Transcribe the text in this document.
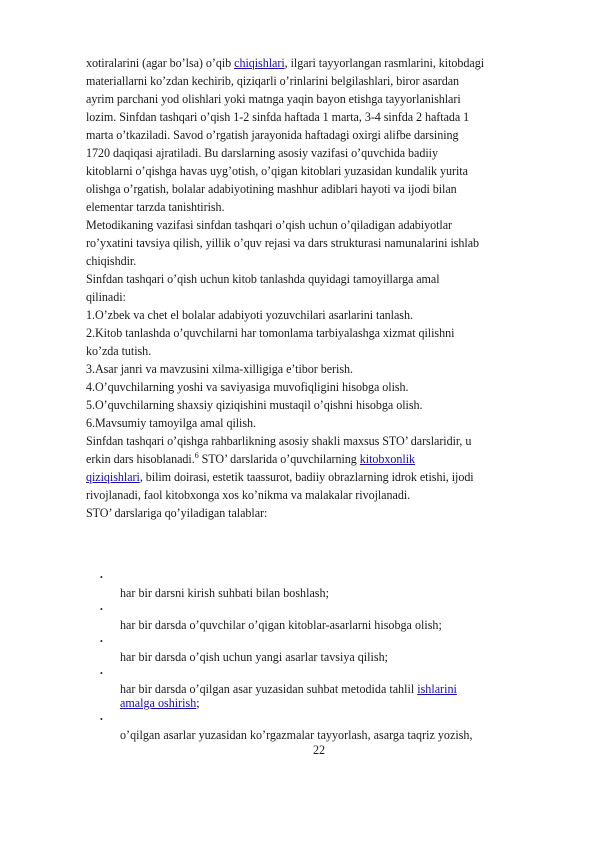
xotiralarini (agar bo’lsa) o’qib chiqishlari, ilgari tayyorlangan rasmlarini, kitobdagi
materiallarni ko’zdan kechirib, qiziqarli o’rinlarini belgilashlari, biror asardan
ayrim parchani yod olishlari yoki matnga yaqin bayon etishga tayyorlanishlari
lozim. Sinfdan tashqari o’qish 1-2 sinfda haftada 1 marta, 3-4 sinfda 2 haftada 1
marta o’tkaziladi. Savod o’rgatish jarayonida haftadagi oxirgi alifbe darsining
1720 daqiqasi ajratiladi. Bu darslarning asosiy vazifasi o’quvchida badiiy
kitoblarni o’qishga havas uyg’otish, o’qigan kitoblari yuzasidan kundalik yurita
olishga o’rgatish, bolalar adabiyotining mashhur adiblari hayoti va ijodi bilan
elementar tarzda tanishtirish.
Metodikaning vazifasi sinfdan tashqari o’qish uchun o’qiladigan adabiyotlar
ro’yxatini tavsiya qilish, yillik o’quv rejasi va dars strukturasi namunalarini ishlab
chiqishdir.
Sinfdan tashqari o’qish uchun kitob tanlashda quyidagi tamoyillarga amal
qilinadi:
1.O’zbek va chet el bolalar adabiyoti yozuvchilari asarlarini tanlash.
2.Kitob tanlashda o’quvchilarni har tomonlama tarbiyalashga xizmat qilishni
ko’zda tutish.
3.Asar janri va mavzusini xilma-xilligiga e’tibor berish.
4.O’quvchilarning yoshi va saviyasiga muvofiqligini hisobga olish.
5.O’quvchilarning shaxsiy qiziqishini mustaqil o’qishni hisobga olish.
6.Mavsumiy tamoyilga amal qilish.
Sinfdan tashqari o’qishga rahbarlikning asosiy shakli maxsus STO’ darslaridir, u
erkin dars hisoblanadi.$^6$ STO’ darslarida o’quvchilarning kitobxonlik
qiziqishlari, bilim doirasi, estetik taassurot, badiiy obrazlarning idrok etishi, ijodi
rivojlanadi, faol kitobxonga xos ko’nikma va malakalar rivojlanadi.
STO’ darslariga qo’yiladigan talablar:
•
har bir darsni kirish suhbati bilan boshlash;
•
har bir darsda o’quvchilar o’qigan kitoblar-asarlarni hisobga olish;
•
har bir darsda o’qish uchun yangi asarlar tavsiya qilish;
•
har bir darsda o’qilgan asar yuzasidan suhbat metodida tahlil ishlarini
amalga oshirish;
•
o’qilgan asarlar yuzasidan ko’rgazmalar tayyorlash, asarga taqriz yozish,
22
